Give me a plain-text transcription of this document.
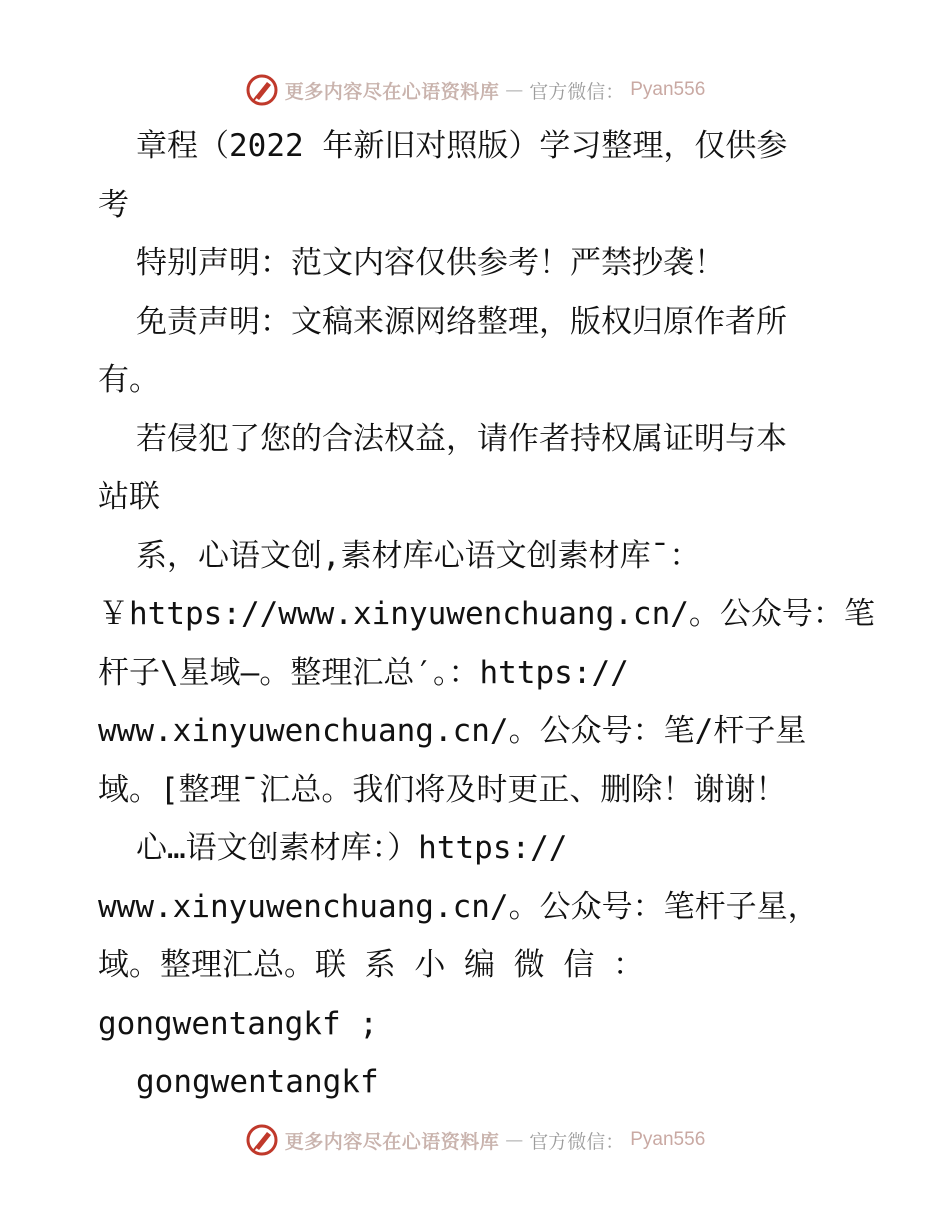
更多内容尽在心语资料库 — 官方微信： Pyan556
章程（2022 年新旧对照版）学习整理，仅供参
考
特别声明：范文内容仅供参考！严禁抄袭！
免责声明：文稿来源网络整理，版权归原作者所
有。
若侵犯了您的合法权益，请作者持权属证明与本
站联
系，心语文创,素材库心语文创素材库¯：
￥https://www.xinyuwenchuang.cn/。公众号：笔
杆子\星域—。整理汇总′。：https://
www.xinyuwenchuang.cn/。公众号：笔/杆子星
域。[整理¯汇总。我们将及时更正、删除！谢谢！
心…语文创素材库：）https://
www.xinyuwenchuang.cn/。公众号：笔杆子星，
域。整理汇总。联 系 小 编 微 信 ：
gongwentangkf ;
gongwentangkf
更多内容尽在心语资料库 — 官方微信： Pyan556
